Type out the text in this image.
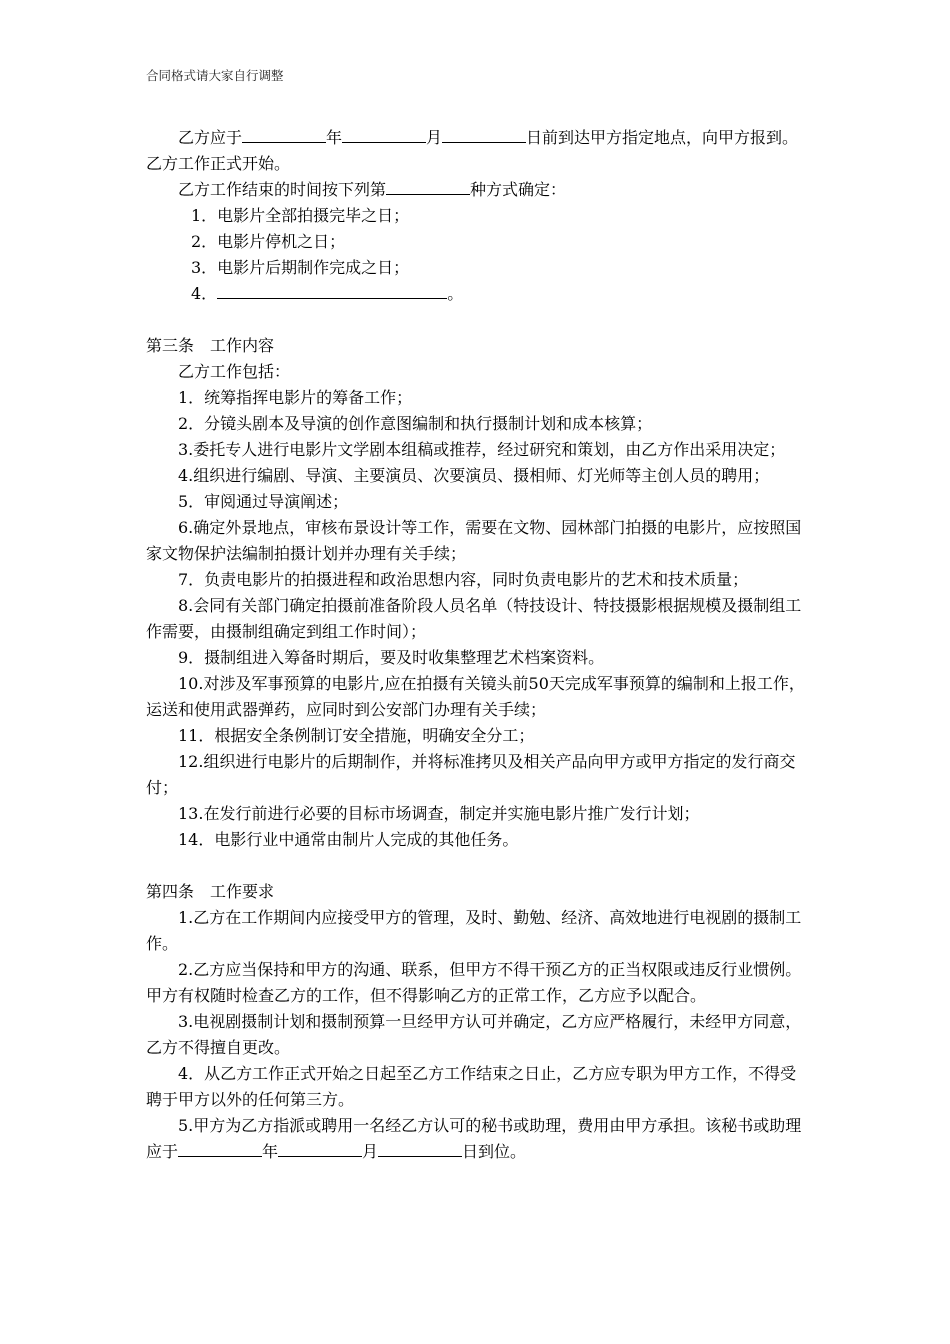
合同格式请大家自行调整

乙方应于	年	月	日前到达甲方指定地点，向甲方报到。乙方工作正式开始。

乙方工作结束的时间按下列第	种方式确定：

1．电影片全部拍摄完毕之日；

2．电影片停机之日；

3．电影片后期制作完成之日；

4．	。

第三条　工作内容

乙方工作包括：

1．统筹指挥电影片的筹备工作；

2．分镜头剧本及导演的创作意图编制和执行摄制计划和成本核算；

3.委托专人进行电影片文学剧本组稿或推荐，经过研究和策划，由乙方作出采用决定；

4.组织进行编剧、导演、主要演员、次要演员、摄相师、灯光师等主创人员的聘用；

5．审阅通过导演阐述；

6.确定外景地点，审核布景设计等工作，需要在文物、园林部门拍摄的电影片，应按照国家文物保护法编制拍摄计划并办理有关手续；

7．负责电影片的拍摄进程和政治思想内容，同时负责电影片的艺术和技术质量；

8.会同有关部门确定拍摄前准备阶段人员名单（特技设计、特技摄影根据规模及摄制组工作需要，由摄制组确定到组工作时间）；

9．摄制组进入筹备时期后，要及时收集整理艺术档案资料。

10.对涉及军事预算的电影片,应在拍摄有关镜头前50天完成军事预算的编制和上报工作，运送和使用武器弹药，应同时到公安部门办理有关手续；

11．根据安全条例制订安全措施，明确安全分工；

12.组织进行电影片的后期制作，并将标准拷贝及相关产品向甲方或甲方指定的发行商交付；

13.在发行前进行必要的目标市场调查，制定并实施电影片推广发行计划；

14．电影行业中通常由制片人完成的其他任务。

第四条　工作要求

1.乙方在工作期间内应接受甲方的管理，及时、勤勉、经济、高效地进行电视剧的摄制工作。

2.乙方应当保持和甲方的沟通、联系，但甲方不得干预乙方的正当权限或违反行业惯例。甲方有权随时检查乙方的工作，但不得影响乙方的正常工作，乙方应予以配合。

3.电视剧摄制计划和摄制预算一旦经甲方认可并确定，乙方应严格履行，未经甲方同意，乙方不得擅自更改。

4．从乙方工作正式开始之日起至乙方工作结束之日止，乙方应专职为甲方工作，不得受聘于甲方以外的任何第三方。

5.甲方为乙方指派或聘用一名经乙方认可的秘书或助理，费用由甲方承担。该秘书或助理应于	年	月	日到位。
